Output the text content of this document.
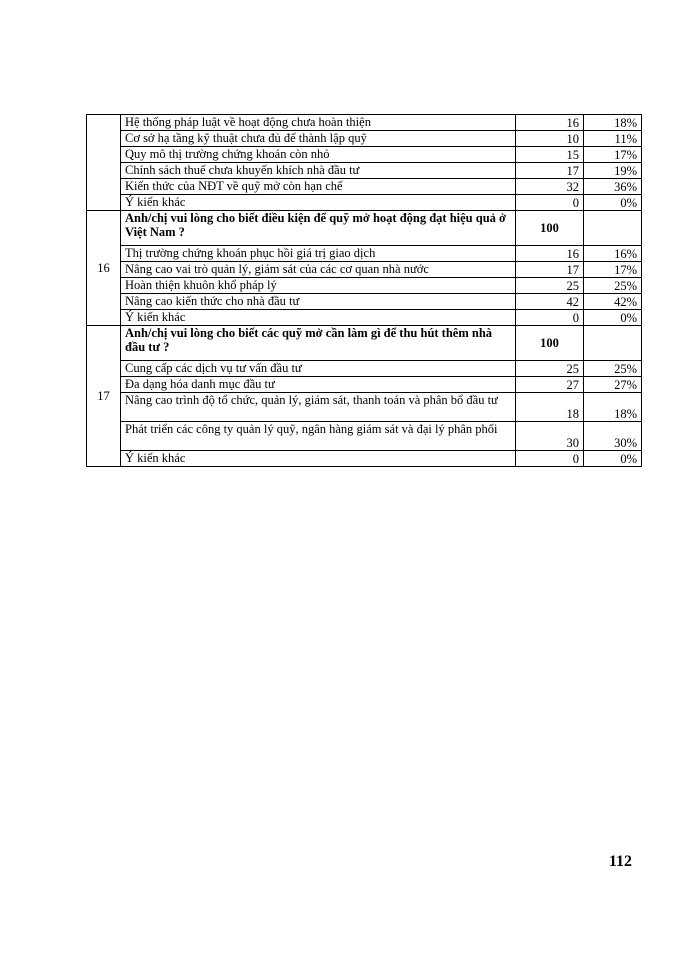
	Hệ thống pháp luật về hoạt động chưa hoàn thiện	16	18%
	Cơ sở hạ tầng kỹ thuật chưa đủ để thành lập quỹ	10	11%
	Quy mô thị trường chứng khoán còn nhỏ	15	17%
	Chính sách thuế chưa khuyến khích nhà đầu tư	17	19%
	Kiến thức của NĐT về quỹ mở còn hạn chế	32	36%
	Ý kiến khác	0	0%
16	Anh/chị vui lòng cho biết điều kiện để quỹ mở hoạt động đạt hiệu quả ở Việt Nam ?	100	
	Thị trường chứng khoán phục hồi giá trị giao dịch	16	16%
	Nâng cao vai trò quản lý, giám sát của các cơ quan nhà nước	17	17%
	Hoàn thiện khuôn khổ pháp lý	25	25%
	Nâng cao kiến thức cho nhà đầu tư	42	42%
	Ý kiến khác	0	0%
17	Anh/chị vui lòng cho biết các quỹ mở cần làm gì để thu hút thêm nhà đầu tư ?	100	
	Cung cấp các dịch vụ tư vấn đầu tư	25	25%
	Đa dạng hóa danh mục đầu tư	27	27%
	Nâng cao trình độ tổ chức, quản lý, giám sát, thanh toán và phân bổ đầu tư	18	18%
	Phát triển các công ty quản lý quỹ, ngân hàng giám sát và đại lý phân phối	30	30%
	Ý kiến khác	0	0%
112
